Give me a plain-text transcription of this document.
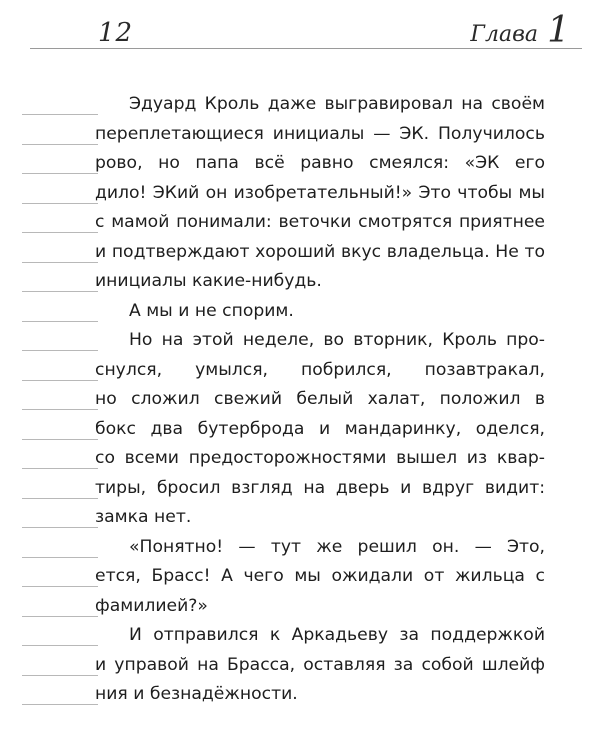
12	Глава 1
Эдуард Кроль даже выгравировал на своём
переплетающиеся инициалы — ЭК. Получилось
рово, но папа всё равно смеялся: «ЭК его
дило! ЭКий он изобретательный!» Это чтобы мы
с мамой понимали: веточки смотрятся приятнее
и подтверждают хороший вкус владельца. Не то
инициалы какие-нибудь.
А мы и не спорим.
Но на этой неделе, во вторник, Кроль про-
снулся, умылся, побрился, позавтракал,
но сложил свежий белый халат, положил в
бокс два бутерброда и мандаринку, оделся,
со всеми предосторожностями вышел из квар-
тиры, бросил взгляд на дверь и вдруг видит:
замка нет.
«Понятно! — тут же решил он. — Это,
ется, Брасс! А чего мы ожидали от жильца с
фамилией?»
И отправился к Аркадьеву за поддержкой
и управой на Брасса, оставляя за собой шлейф
ния и безнадёжности.
